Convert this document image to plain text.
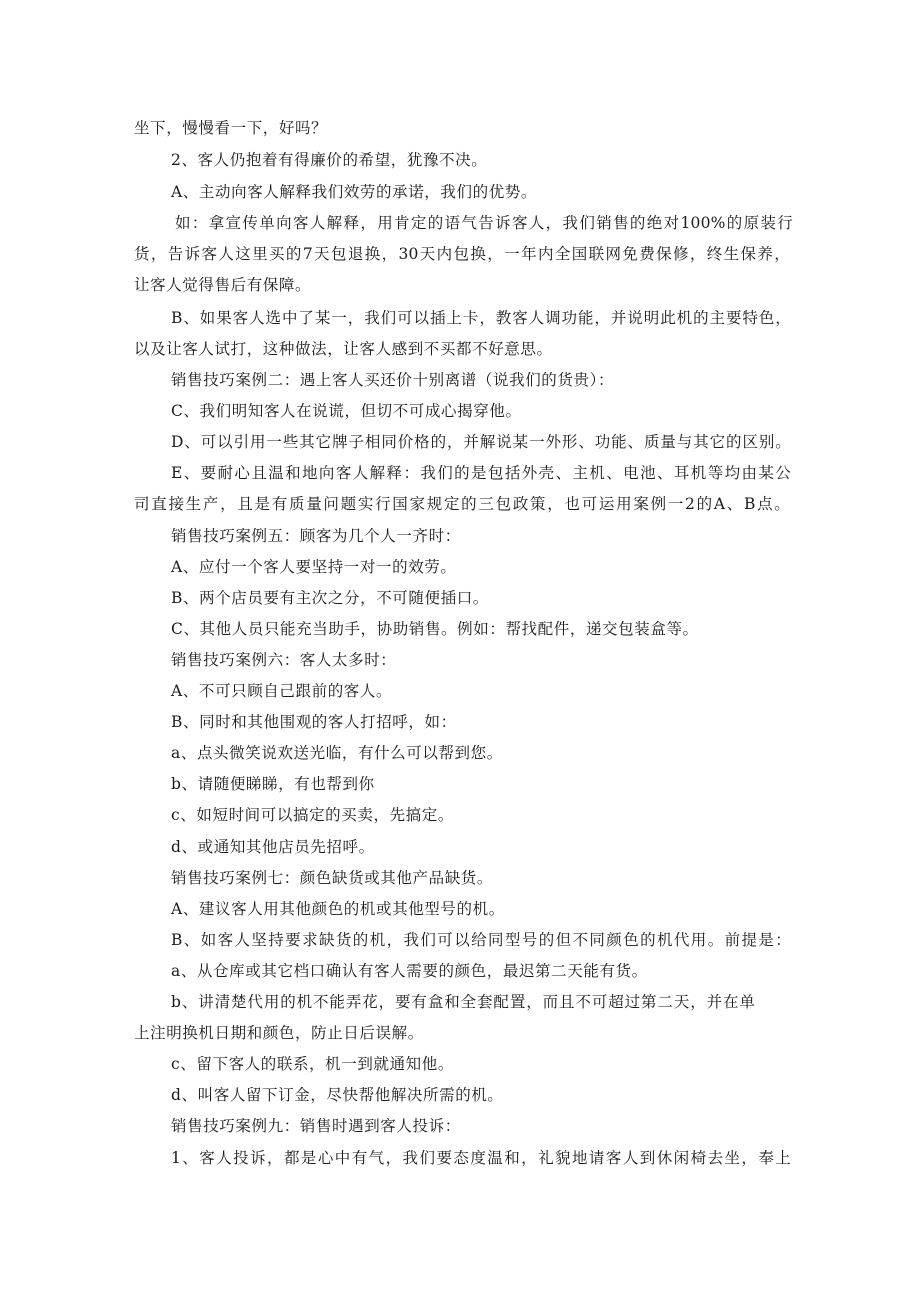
坐下，慢慢看一下，好吗？
2、客人仍抱着有得廉价的希望，犹豫不决。
A、主动向客人解释我们效劳的承诺，我们的优势。
如：拿宣传单向客人解释，用肯定的语气告诉客人，我们销售的绝对100%的原装行
货，告诉客人这里买的7天包退换，30天内包换，一年内全国联网免费保修，终生保养，
让客人觉得售后有保障。
B、如果客人选中了某一，我们可以插上卡，教客人调功能，并说明此机的主要特色，
以及让客人试打，这种做法，让客人感到不买都不好意思。
销售技巧案例二：遇上客人买还价十别离谱（说我们的货贵）：
C、我们明知客人在说谎，但切不可成心揭穿他。
D、可以引用一些其它牌子相同价格的，并解说某一外形、功能、质量与其它的区别。
E、要耐心且温和地向客人解释：我们的是包括外壳、主机、电池、耳机等均由某公
司直接生产，且是有质量问题实行国家规定的三包政策，也可运用案例一2的A、B点。
销售技巧案例五：顾客为几个人一齐时：
A、应付一个客人要坚持一对一的效劳。
B、两个店员要有主次之分，不可随便插口。
C、其他人员只能充当助手，协助销售。例如：帮找配件，递交包装盒等。
销售技巧案例六：客人太多时：
A、不可只顾自己跟前的客人。
B、同时和其他围观的客人打招呼，如：
a、点头微笑说欢送光临，有什么可以帮到您。
b、请随便睇睇，有也帮到你
c、如短时间可以搞定的买卖，先搞定。
d、或通知其他店员先招呼。
销售技巧案例七：颜色缺货或其他产品缺货。
A、建议客人用其他颜色的机或其他型号的机。
B、如客人坚持要求缺货的机，我们可以给同型号的但不同颜色的机代用。前提是：
a、从仓库或其它档口确认有客人需要的颜色，最迟第二天能有货。
b、讲清楚代用的机不能弄花，要有盒和全套配置，而且不可超过第二天，并在单
上注明换机日期和颜色，防止日后误解。
c、留下客人的联系，机一到就通知他。
d、叫客人留下订金，尽快帮他解决所需的机。
销售技巧案例九：销售时遇到客人投诉：
1、客人投诉，都是心中有气，我们要态度温和，礼貌地请客人到休闲椅去坐，奉上
